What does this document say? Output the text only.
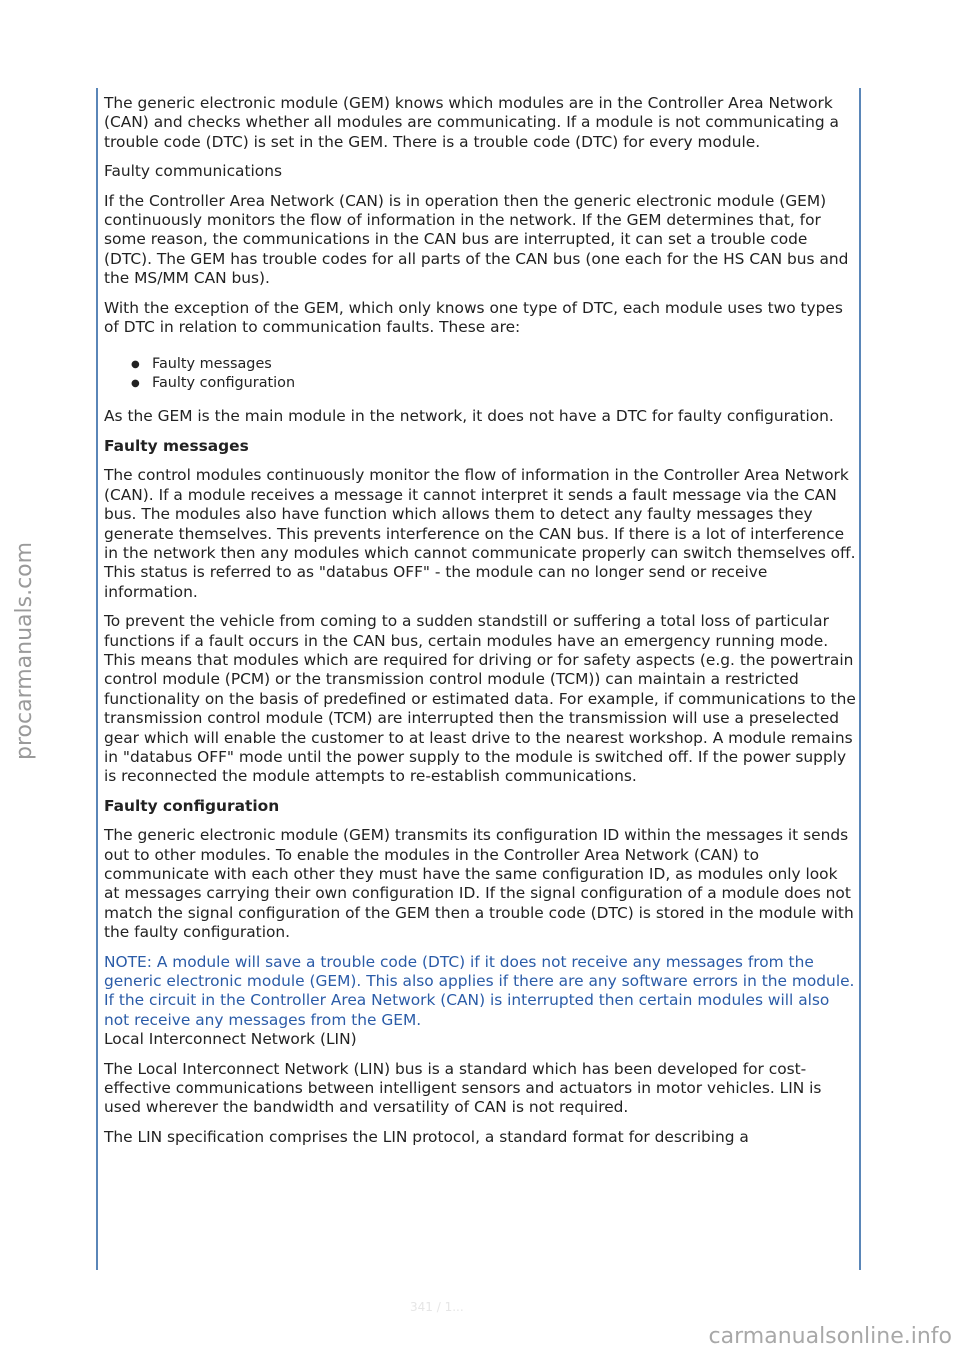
The generic electronic module (GEM) knows which modules are in the Controller Area Network (CAN) and checks whether all modules are communicating. If a module is not communicating a trouble code (DTC) is set in the GEM. There is a trouble code (DTC) for every module.

Faulty communications

If the Controller Area Network (CAN) is in operation then the generic electronic module (GEM) continuously monitors the flow of information in the network. If the GEM determines that, for some reason, the communications in the CAN bus are interrupted, it can set a trouble code (DTC). The GEM has trouble codes for all parts of the CAN bus (one each for the HS CAN bus and the MS/MM CAN bus).

With the exception of the GEM, which only knows one type of DTC, each module uses two types of DTC in relation to communication faults. These are:

● Faulty messages
● Faulty configuration

As the GEM is the main module in the network, it does not have a DTC for faulty configuration.

Faulty messages

The control modules continuously monitor the flow of information in the Controller Area Network (CAN). If a module receives a message it cannot interpret it sends a fault message via the CAN bus. The modules also have function which allows them to detect any faulty messages they generate themselves. This prevents interference on the CAN bus. If there is a lot of interference in the network then any modules which cannot communicate properly can switch themselves off. This status is referred to as "databus OFF" - the module can no longer send or receive information.

To prevent the vehicle from coming to a sudden standstill or suffering a total loss of particular functions if a fault occurs in the CAN bus, certain modules have an emergency running mode. This means that modules which are required for driving or for safety aspects (e.g. the powertrain control module (PCM) or the transmission control module (TCM)) can maintain a restricted functionality on the basis of predefined or estimated data. For example, if communications to the transmission control module (TCM) are interrupted then the transmission will use a preselected gear which will enable the customer to at least drive to the nearest workshop. A module remains in "databus OFF" mode until the power supply to the module is switched off. If the power supply is reconnected the module attempts to re-establish communications.

Faulty configuration

The generic electronic module (GEM) transmits its configuration ID within the messages it sends out to other modules. To enable the modules in the Controller Area Network (CAN) to communicate with each other they must have the same configuration ID, as modules only look at messages carrying their own configuration ID. If the signal configuration of a module does not match the signal configuration of the GEM then a trouble code (DTC) is stored in the module with the faulty configuration.

NOTE: A module will save a trouble code (DTC) if it does not receive any messages from the generic electronic module (GEM). This also applies if there are any software errors in the module. If the circuit in the Controller Area Network (CAN) is interrupted then certain modules will also not receive any messages from the GEM.

Local Interconnect Network (LIN)

The Local Interconnect Network (LIN) bus is a standard which has been developed for cost-effective communications between intelligent sensors and actuators in motor vehicles. LIN is used wherever the bandwidth and versatility of CAN is not required.

The LIN specification comprises the LIN protocol, a standard format for describing a

341 / 1...
procarmanuals.com
carmanualsonline.info
